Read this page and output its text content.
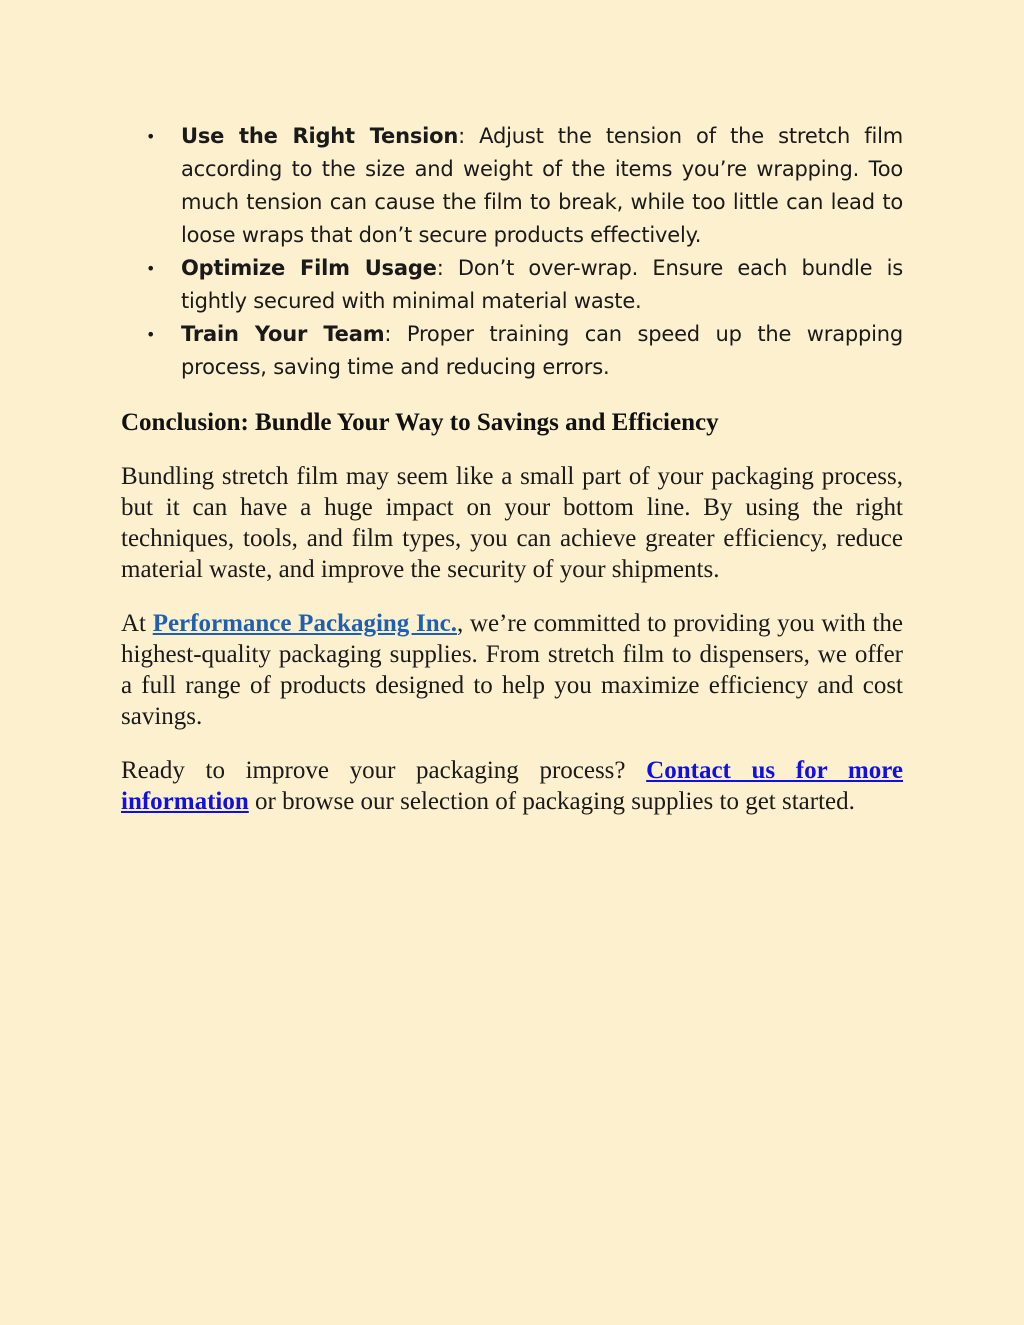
• Use the Right Tension: Adjust the tension of the stretch film according to the size and weight of the items you’re wrapping. Too much tension can cause the film to break, while too little can lead to loose wraps that don’t secure products effectively.
• Optimize Film Usage: Don’t over-wrap. Ensure each bundle is tightly secured with minimal material waste.
• Train Your Team: Proper training can speed up the wrapping process, saving time and reducing errors.
Conclusion: Bundle Your Way to Savings and Efficiency

Bundling stretch film may seem like a small part of your packaging process, but it can have a huge impact on your bottom line. By using the right techniques, tools, and film types, you can achieve greater efficiency, reduce material waste, and improve the security of your shipments.

At Performance Packaging Inc., we’re committed to providing you with the highest-quality packaging supplies. From stretch film to dispensers, we offer a full range of products designed to help you maximize efficiency and cost savings.

Ready to improve your packaging process? Contact us for more information or browse our selection of packaging supplies to get started.
